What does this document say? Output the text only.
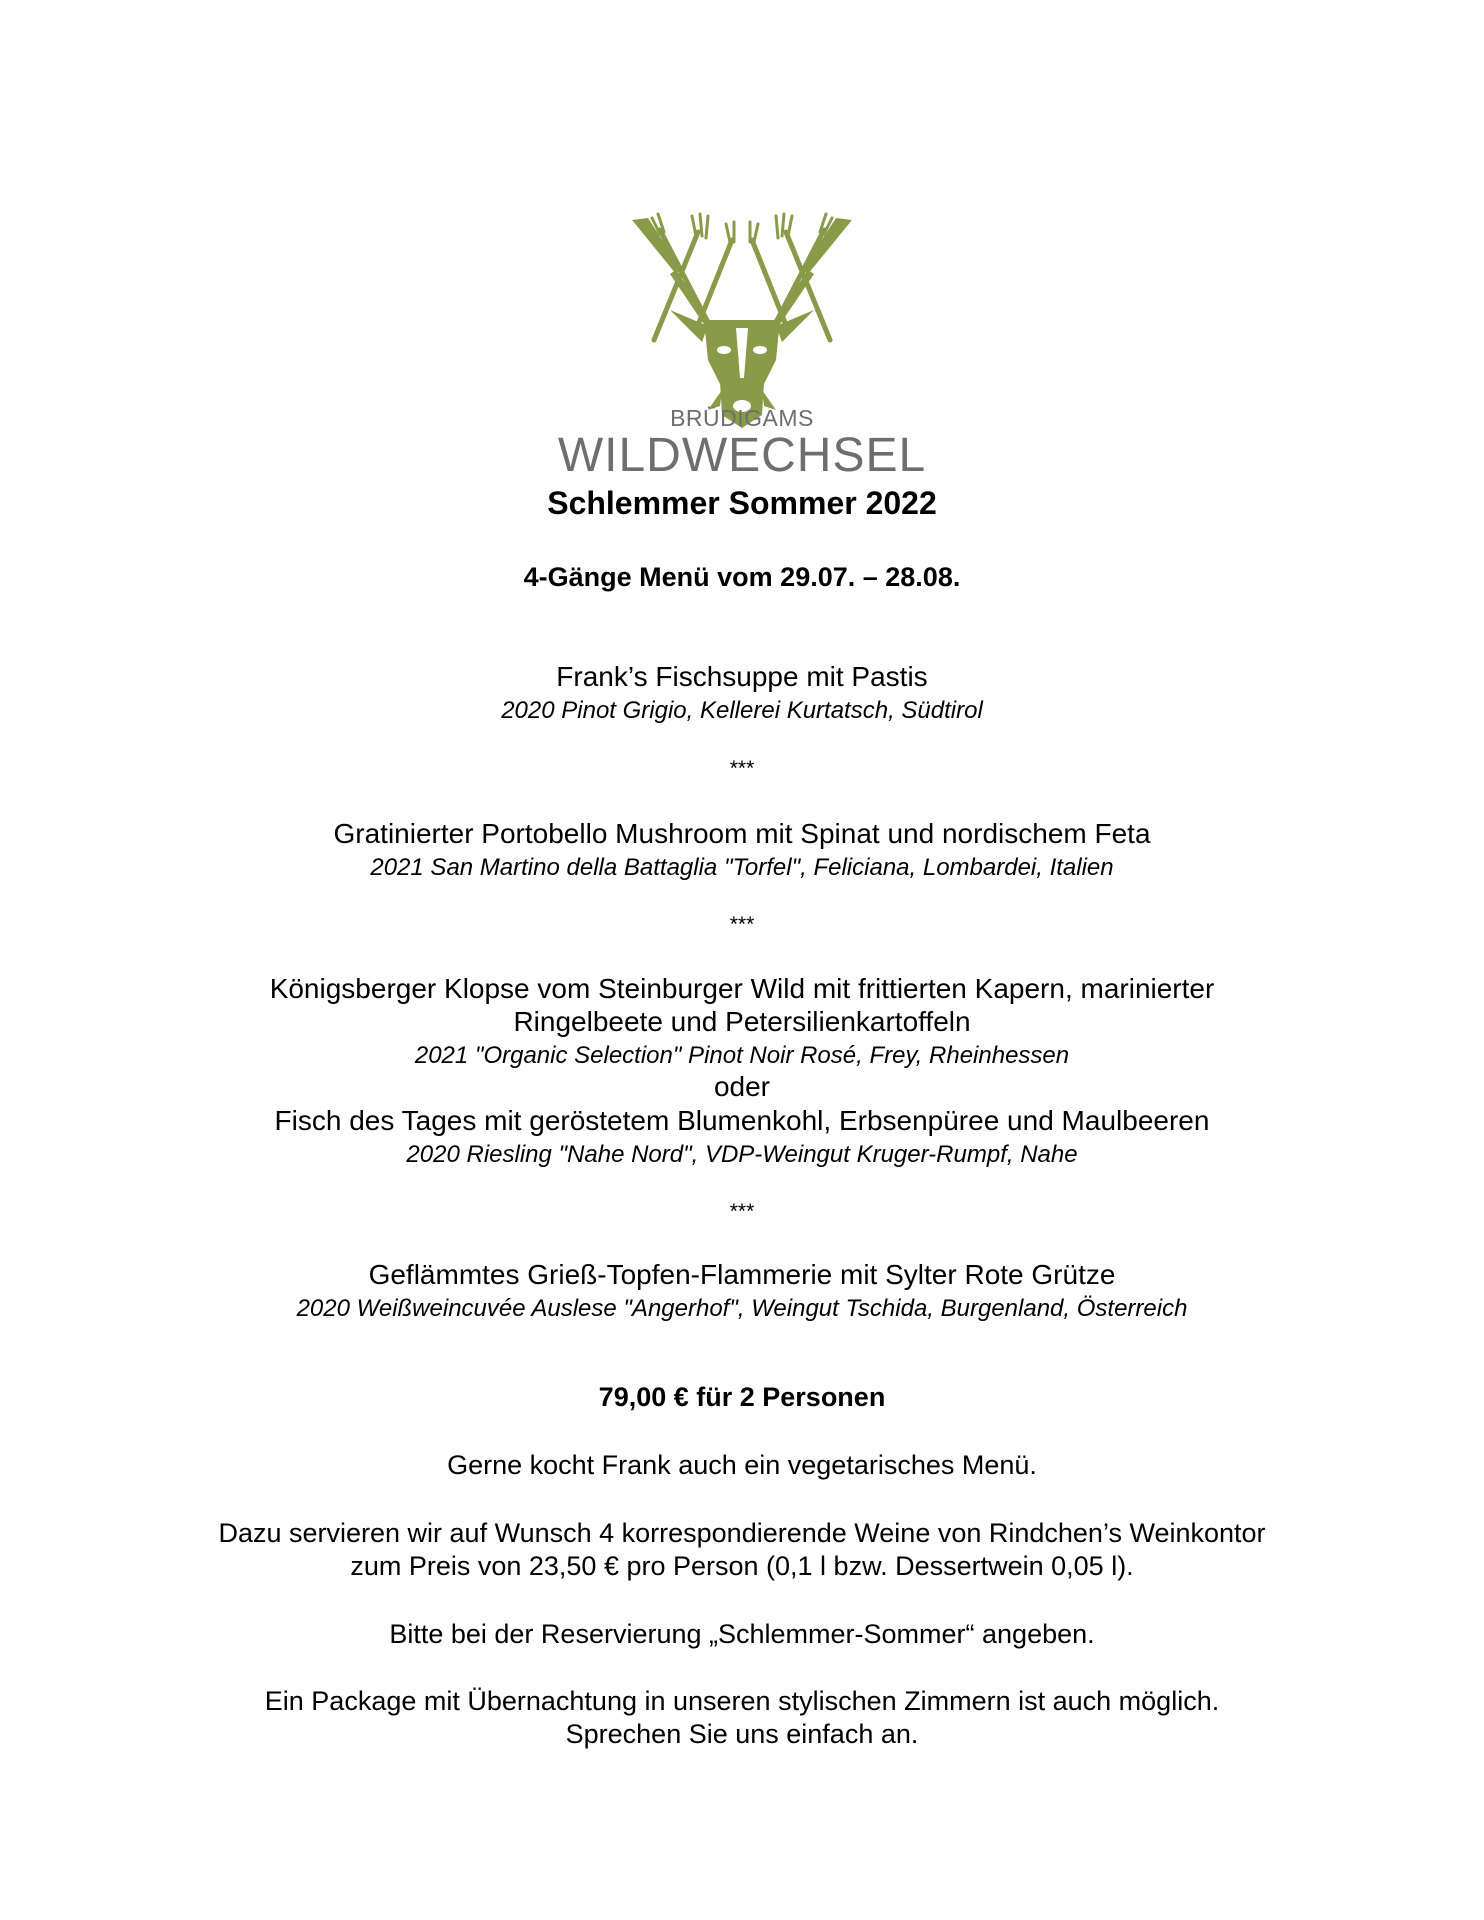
BRÜDIGAMS
WILDWECHSEL
Schlemmer Sommer 2022
4-Gänge Menü vom 29.07. – 28.08.
Frank’s Fischsuppe mit Pastis
2020 Pinot Grigio, Kellerei Kurtatsch, Südtirol
***
Gratinierter Portobello Mushroom mit Spinat und nordischem Feta
2021 San Martino della Battaglia "Torfel", Feliciana, Lombardei, Italien
***
Königsberger Klopse vom Steinburger Wild mit frittierten Kapern, marinierter
Ringelbeete und Petersilienkartoffeln
2021 "Organic Selection" Pinot Noir Rosé, Frey, Rheinhessen
oder
Fisch des Tages mit geröstetem Blumenkohl, Erbsenpüree und Maulbeeren
2020 Riesling "Nahe Nord", VDP-Weingut Kruger-Rumpf, Nahe
***
Geflämmtes Grieß-Topfen-Flammerie mit Sylter Rote Grütze
2020 Weißweincuvée Auslese "Angerhof", Weingut Tschida, Burgenland, Österreich
79,00 € für 2 Personen
Gerne kocht Frank auch ein vegetarisches Menü.
Dazu servieren wir auf Wunsch 4 korrespondierende Weine von Rindchen’s Weinkontor
zum Preis von 23,50 € pro Person (0,1 l bzw. Dessertwein 0,05 l).
Bitte bei der Reservierung „Schlemmer-Sommer“ angeben.
Ein Package mit Übernachtung in unseren stylischen Zimmern ist auch möglich.
Sprechen Sie uns einfach an.
